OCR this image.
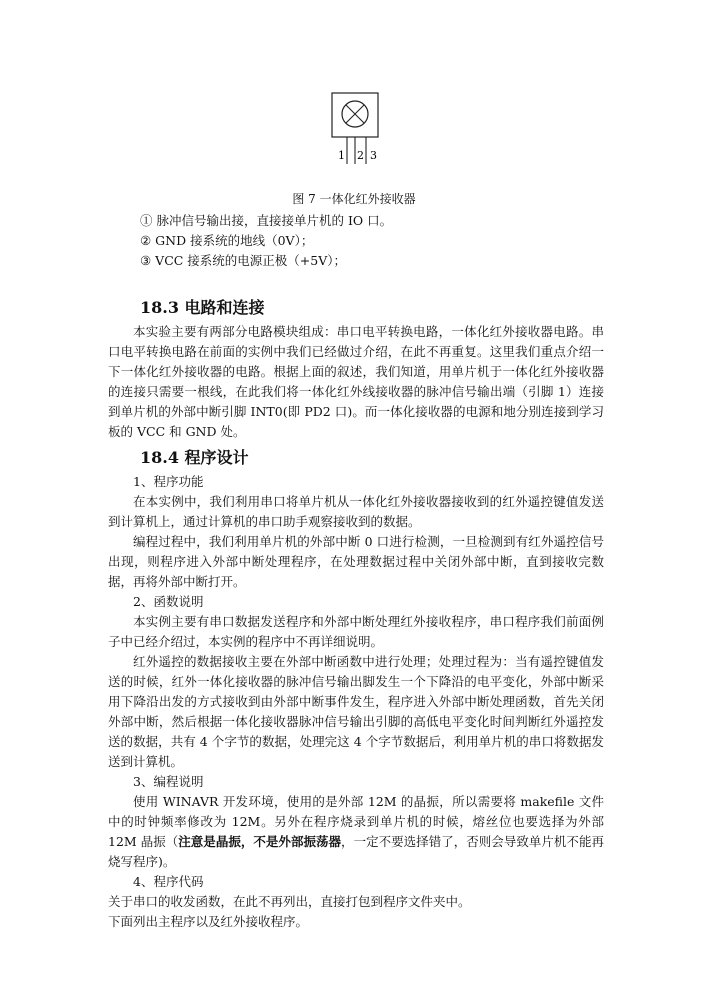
1 2 3
图 7 一体化红外接收器
① 脉冲信号输出接，直接接单片机的 IO 口。
② GND 接系统的地线（0V）；
③ VCC 接系统的电源正极（+5V）；
18.3 电路和连接

本实验主要有两部分电路模块组成：串口电平转换电路，一体化红外接收器电路。串口电平转换电路在前面的实例中我们已经做过介绍，在此不再重复。这里我们重点介绍一下一体化红外接收器的电路。根据上面的叙述，我们知道，用单片机于一体化红外接收器的连接只需要一根线，在此我们将一体化红外线接收器的脉冲信号输出端（引脚 1）连接到单片机的外部中断引脚 INT0(即 PD2 口)。而一体化接收器的电源和地分别连接到学习板的 VCC 和 GND 处。

18.4 程序设计

1、程序功能

在本实例中，我们利用串口将单片机从一体化红外接收器接收到的红外遥控键值发送到计算机上，通过计算机的串口助手观察接收到的数据。

编程过程中，我们利用单片机的外部中断 0 口进行检测，一旦检测到有红外遥控信号出现，则程序进入外部中断处理程序，在处理数据过程中关闭外部中断，直到接收完数据，再将外部中断打开。

2、函数说明

本实例主要有串口数据发送程序和外部中断处理红外接收程序，串口程序我们前面例子中已经介绍过，本实例的程序中不再详细说明。

红外遥控的数据接收主要在外部中断函数中进行处理；处理过程为：当有遥控键值发送的时候，红外一体化接收器的脉冲信号输出脚发生一个下降沿的电平变化，外部中断采用下降沿出发的方式接收到由外部中断事件发生，程序进入外部中断处理函数，首先关闭外部中断，然后根据一体化接收器脉冲信号输出引脚的高低电平变化时间判断红外遥控发送的数据，共有 4 个字节的数据，处理完这 4 个字节数据后，利用单片机的串口将数据发送到计算机。

3、编程说明

使用 WINAVR 开发环境，使用的是外部 12M 的晶振，所以需要将 makefile 文件中的时钟频率修改为 12M。另外在程序烧录到单片机的时候，熔丝位也要选择为外部 12M 晶振（注意是晶振，不是外部振荡器，一定不要选择错了，否则会导致单片机不能再烧写程序)。

4、程序代码

关于串口的收发函数，在此不再列出，直接打包到程序文件夹中。

下面列出主程序以及红外接收程序。
